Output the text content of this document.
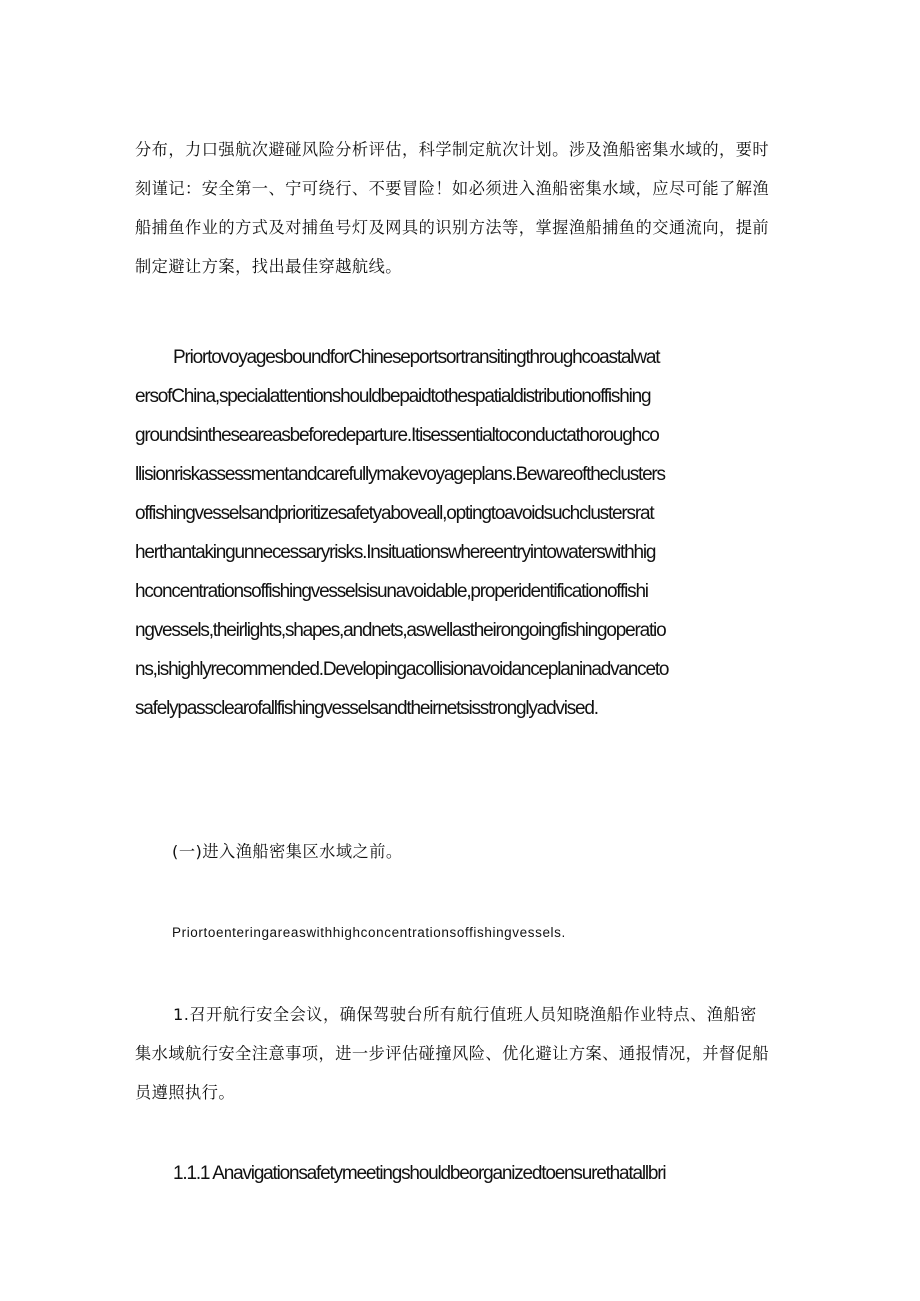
分布，力口强航次避碰风险分析评估，科学制定航次计划。涉及渔船密集水域的，要时
刻谨记：安全第一、宁可绕行、不要冒险！如必须进入渔船密集水域，应尽可能了解渔
船捕鱼作业的方式及对捕鱼号灯及网具的识别方法等，掌握渔船捕鱼的交通流向，提前
制定避让方案，找出最佳穿越航线。
PriortovoyagesboundforChineseportsortransitingthroughcoastalwat
ersofChina,specialattentionshouldbepaidtothespatialdistributionoffishing
groundsintheseareasbeforedeparture.Itisessentialtoconductathoroughco
llisionriskassessmentandcarefullymakevoyageplans.Bewareoftheclusters
offishingvesselsandprioritizesafetyaboveall,optingtoavoidsuchclustersrat
herthantakingunnecessaryrisks.Insituationswhereentryintowaterswithhig
hconcentrationsoffishingvesselsisunavoidable,properidentificationoffishi
ngvessels,theirlights,shapes,andnets,aswellastheirongoingfishingoperatio
ns,ishighlyrecommended.Developingacollisionavoidanceplaninadvanceto
safelypassclearofallfishingvesselsandtheirnetsisstronglyadvised.
(一)进入渔船密集区水域之前。
Priortoenteringareaswithhighconcentrationsoffishingvessels.
1.召开航行安全会议，确保驾驶台所有航行值班人员知晓渔船作业特点、渔船密
集水域航行安全注意事项，进一步评估碰撞风险、优化避让方案、通报情况，并督促船
员遵照执行。
1.1.1 Anavigationsafetymeetingshouldbeorganizedtoensurethatallbri
